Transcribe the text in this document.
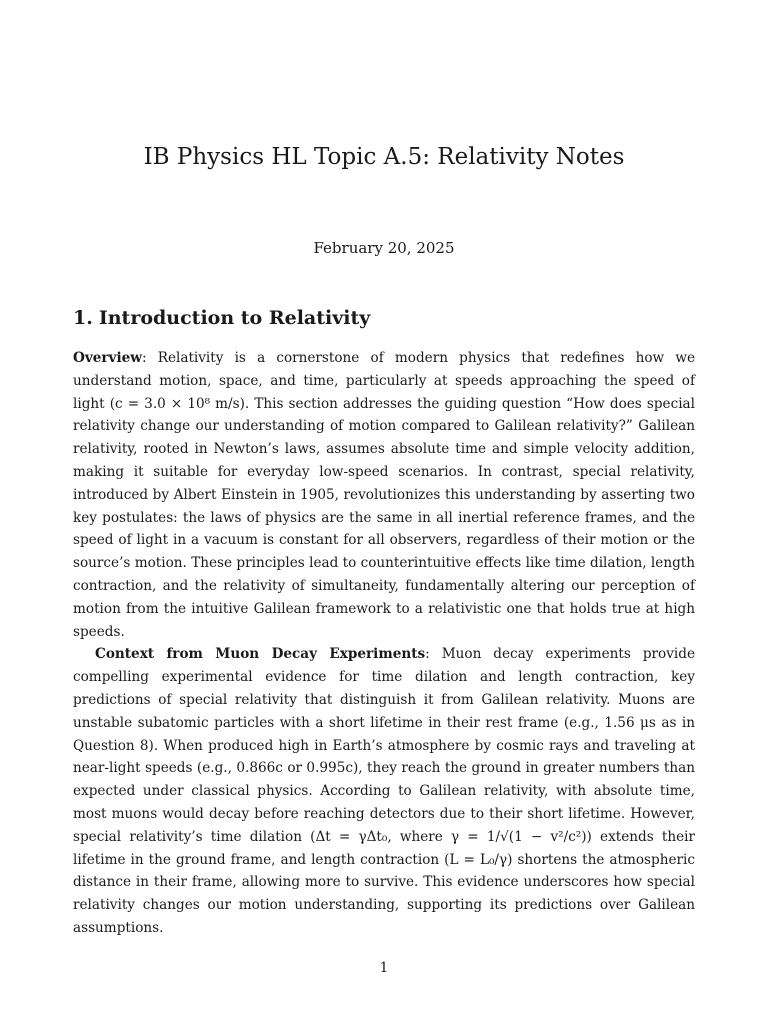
IB Physics HL Topic A.5: Relativity Notes
February 20, 2025
1. Introduction to Relativity

Overview: Relativity is a cornerstone of modern physics that redefines how we understand motion, space, and time, particularly at speeds approaching the speed of light (c = 3.0 × 10⁸ m/s). This section addresses the guiding question “How does special relativity change our understanding of motion compared to Galilean relativity?” Galilean relativity, rooted in Newton’s laws, assumes absolute time and simple velocity addition, making it suitable for everyday low-speed scenarios. In contrast, special relativity, introduced by Albert Einstein in 1905, revolutionizes this understanding by asserting two key postulates: the laws of physics are the same in all inertial reference frames, and the speed of light in a vacuum is constant for all observers, regardless of their motion or the source’s motion. These principles lead to counterintuitive effects like time dilation, length contraction, and the relativity of simultaneity, fundamentally altering our perception of motion from the intuitive Galilean framework to a relativistic one that holds true at high speeds.

Context from Muon Decay Experiments: Muon decay experiments provide compelling experimental evidence for time dilation and length contraction, key predictions of special relativity that distinguish it from Galilean relativity. Muons are unstable subatomic particles with a short lifetime in their rest frame (e.g., 1.56 μs as in Question 8). When produced high in Earth’s atmosphere by cosmic rays and traveling at near-light speeds (e.g., 0.866c or 0.995c), they reach the ground in greater numbers than expected under classical physics. According to Galilean relativity, with absolute time, most muons would decay before reaching detectors due to their short lifetime. However, special relativity’s time dilation (Δt = γΔt₀, where γ = 1/√(1 − v²/c²)) extends their lifetime in the ground frame, and length contraction (L = L₀/γ) shortens the atmospheric distance in their frame, allowing more to survive. This evidence underscores how special relativity changes our motion understanding, supporting its predictions over Galilean assumptions.

1
